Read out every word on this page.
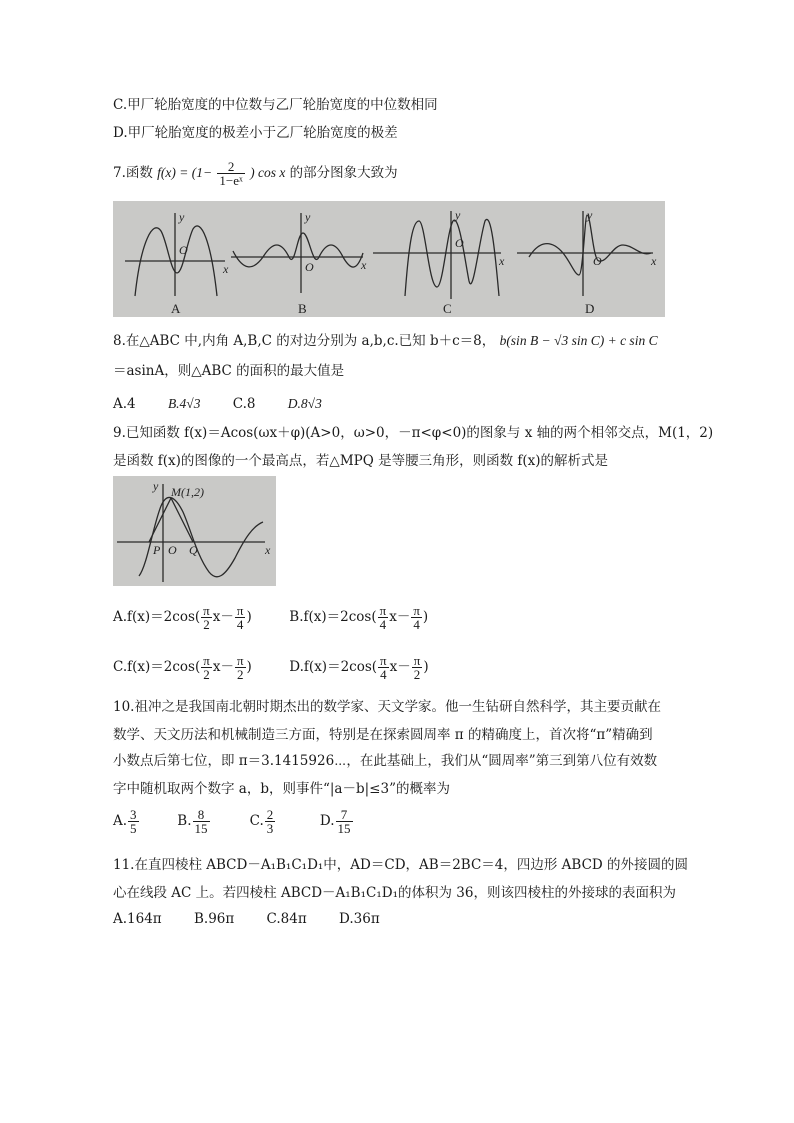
C.甲厂轮胎宽度的中位数与乙厂轮胎宽度的中位数相同
D.甲厂轮胎宽度的极差小于乙厂轮胎宽度的极差
7.函数 $f(x) = (1- \frac{2}{\text{1−eˣ}}$ ) cos x 的部分图象大致为
y
x
O
y
x
O
y
x
O
y
x
O
A	B	C	D
8.在△ABC 中,内角 A,B,C 的对边分别为 a,b,c.已知 b＋c＝8， b(sin B − √3 sin C) + c sin C
＝asinA，则△ABC 的面积的最大值是
A.4 B.4√3 C.8 D.8√3
9.已知函数 f(x)＝Acos(ωx＋φ)(A>0，ω>0，－π<φ<0)的图象与 x 轴的两个相邻交点，M(1，2)
是函数 f(x)的图像的一个最高点，若△MPQ 是等腰三角形，则函数 f(x)的解析式是
y
x
M(1,2)
P O Q
$A.f(x)=2\cos( \frac{\pi}{2} x- \frac{\pi}{4}$ )	$B.f(x)=2\cos( \frac{\pi}{4} x- \frac{\pi}{4}$ )
$C.f(x)=2\cos( \frac{\pi}{2} x- \frac{\pi}{2}$ )	$D.f(x)=2\cos( \frac{\pi}{4} x- \frac{\pi}{2}$ )
10.祖冲之是我国南北朝时期杰出的数学家、天文学家。他一生钻研自然科学，其主要贡献在
数学、天文历法和机械制造三方面，特别是在探索圆周率 π 的精确度上，首次将“π”精确到
小数点后第七位，即 π＝3.1415926⋯，在此基础上，我们从“圆周率”第三到第八位有效数
字中随机取两个数字 a，b，则事件“|a－b|≤3”的概率为
A. $\frac{3}{5}$	B. $\frac{8}{15}$	C. $\frac{2}{3}$	D. $\frac{7}{15}$
11.在直四棱柱 ABCD－A₁B₁C₁D₁中，AD＝CD，AB＝2BC＝4，四边形 ABCD 的外接圆的圆
心在线段 AC 上。若四棱柱 ABCD－A₁B₁C₁D₁的体积为 36，则该四棱柱的外接球的表面积为
A.164π B.96π C.84π D.36π
